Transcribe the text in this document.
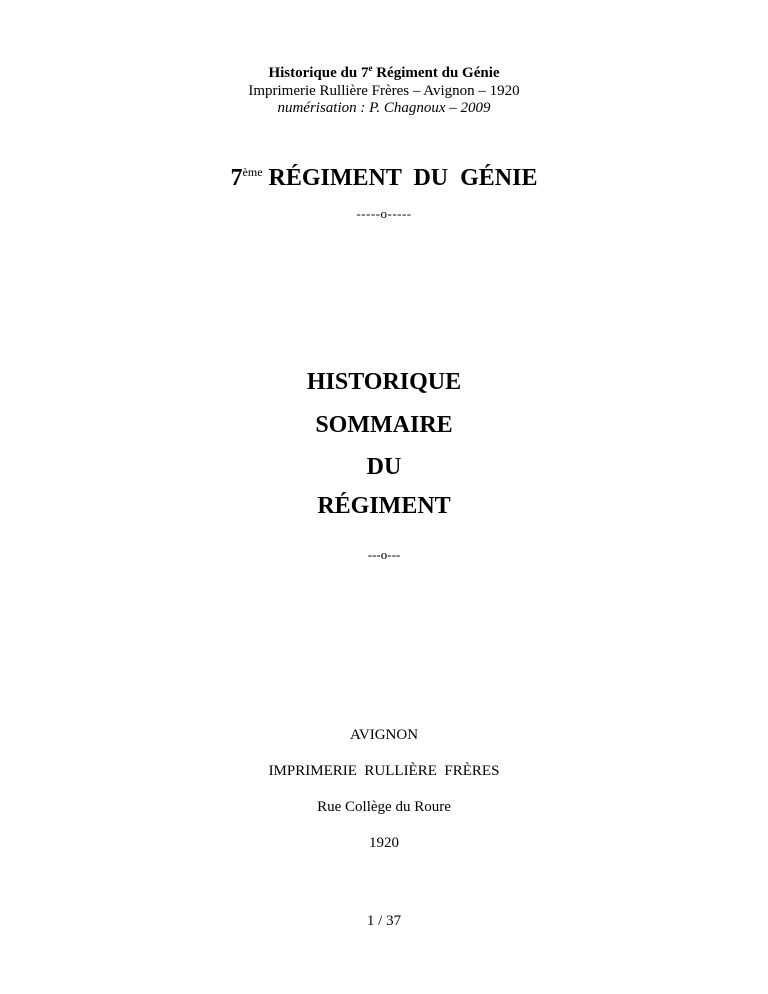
Historique du 7e Régiment du Génie
Imprimerie Rullière Frères – Avignon – 1920
numérisation : P. Chagnoux – 2009
7ème RÉGIMENT  DU  GÉNIE
-----o-----
HISTORIQUE
SOMMAIRE
DU
RÉGIMENT
---o---
AVIGNON
IMPRIMERIE  RULLIÈRE  FRÈRES
Rue Collège du Roure
1920
1 / 37
